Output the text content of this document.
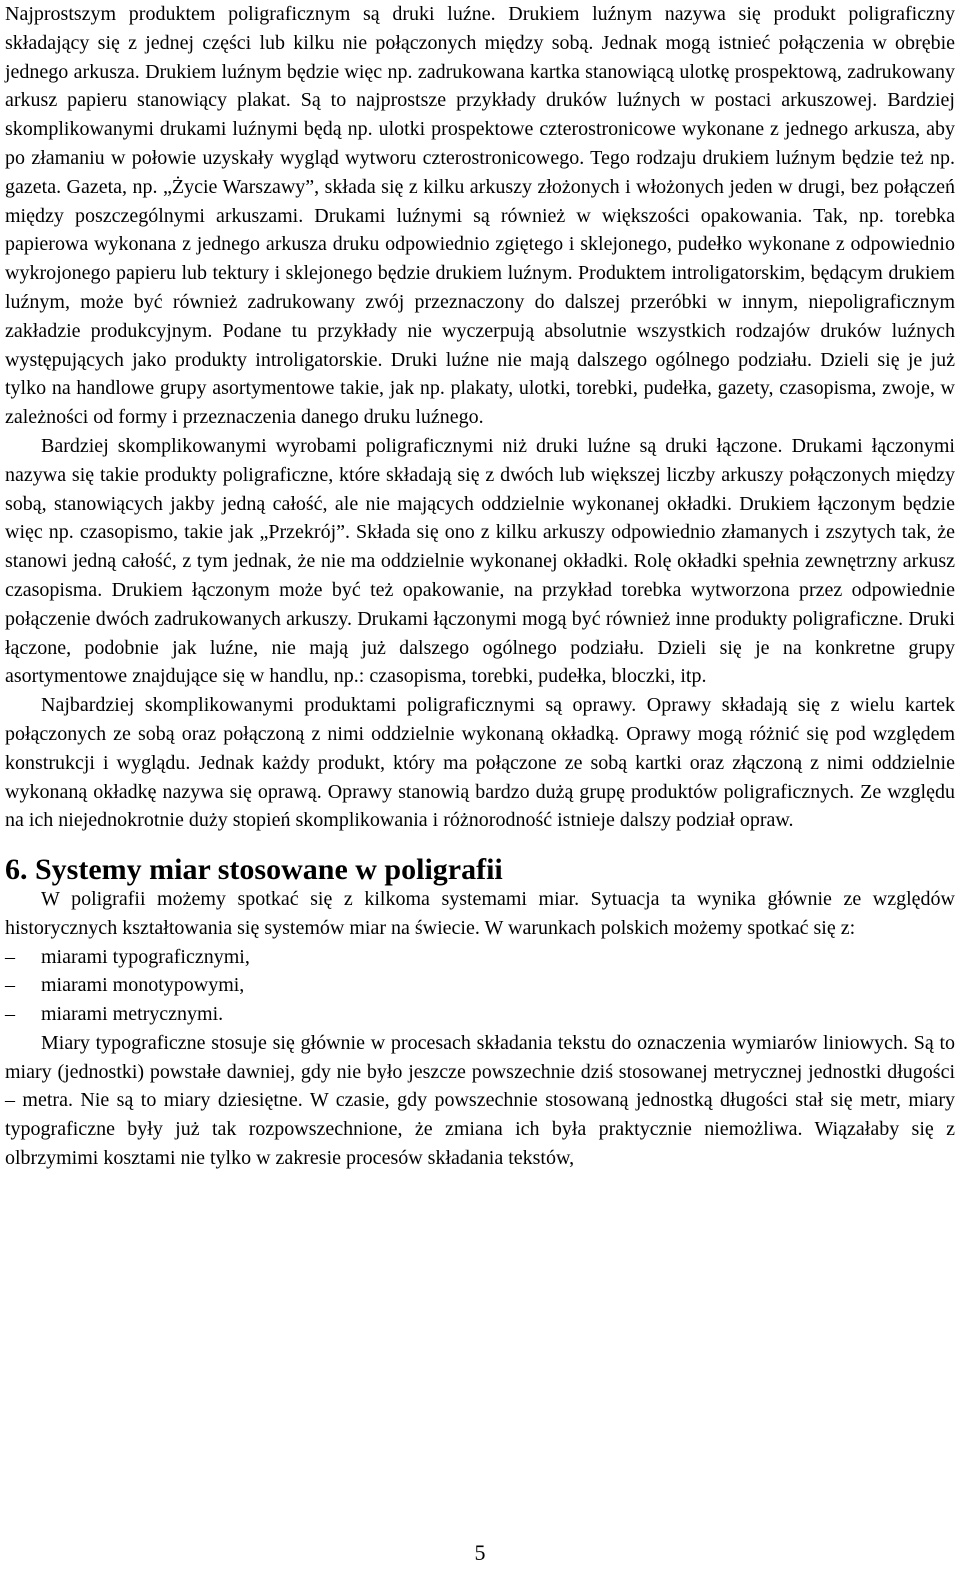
Najprostszym produktem poligraficznym są druki luźne. Drukiem luźnym nazywa się produkt poligraficzny składający się z jednej części lub kilku nie połączonych między sobą. Jednak mogą istnieć połączenia w obrębie jednego arkusza. Drukiem luźnym będzie więc np. zadrukowana kartka stanowiącą ulotkę prospektową, zadrukowany arkusz papieru stanowiący plakat. Są to najprostsze przykłady druków luźnych w postaci arkuszowej. Bardziej skomplikowanymi drukami luźnymi będą np. ulotki prospektowe czterostronicowe wykonane z jednego arkusza, aby po złamaniu w połowie uzyskały wygląd wytworu czterostronicowego. Tego rodzaju drukiem luźnym będzie też np. gazeta. Gazeta, np. „Życie Warszawy”, składa się z kilku arkuszy złożonych i włożonych jeden w drugi, bez połączeń między poszczególnymi arkuszami. Drukami luźnymi są również w większości opakowania. Tak, np. torebka papierowa wykonana z jednego arkusza druku odpowiednio zgiętego i sklejonego, pudełko wykonane z odpowiednio wykrojonego papieru lub tektury i sklejonego będzie drukiem luźnym. Produktem introligatorskim, będącym drukiem luźnym, może być również zadrukowany zwój przeznaczony do dalszej przeróbki w innym, niepoligraficznym zakładzie produkcyjnym. Podane tu przykłady nie wyczerpują absolutnie wszystkich rodzajów druków luźnych występujących jako produkty introligatorskie. Druki luźne nie mają dalszego ogólnego podziału. Dzieli się je już tylko na handlowe grupy asortymentowe takie, jak np. plakaty, ulotki, torebki, pudełka, gazety, czasopisma, zwoje, w zależności od formy i przeznaczenia danego druku luźnego.

Bardziej skomplikowanymi wyrobami poligraficznymi niż druki luźne są druki łączone. Drukami łączonymi nazywa się takie produkty poligraficzne, które składają się z dwóch lub większej liczby arkuszy połączonych między sobą, stanowiących jakby jedną całość, ale nie mających oddzielnie wykonanej okładki. Drukiem łączonym będzie więc np. czasopismo, takie jak „Przekrój”. Składa się ono z kilku arkuszy odpowiednio złamanych i zszytych tak, że stanowi jedną całość, z tym jednak, że nie ma oddzielnie wykonanej okładki. Rolę okładki spełnia zewnętrzny arkusz czasopisma. Drukiem łączonym może być też opakowanie, na przykład torebka wytworzona przez odpowiednie połączenie dwóch zadrukowanych arkuszy. Drukami łączonymi mogą być również inne produkty poligraficzne. Druki łączone, podobnie jak luźne, nie mają już dalszego ogólnego podziału. Dzieli się je na konkretne grupy asortymentowe znajdujące się w handlu, np.: czasopisma, torebki, pudełka, bloczki, itp.

Najbardziej skomplikowanymi produktami poligraficznymi są oprawy. Oprawy składają się z wielu kartek połączonych ze sobą oraz połączoną z nimi oddzielnie wykonaną okładką. Oprawy mogą różnić się pod względem konstrukcji i wyglądu. Jednak każdy produkt, który ma połączone ze sobą kartki oraz złączoną z nimi oddzielnie wykonaną okładkę nazywa się oprawą. Oprawy stanowią bardzo dużą grupę produktów poligraficznych. Ze względu na ich niejednokrotnie duży stopień skomplikowania i różnorodność istnieje dalszy podział opraw.

6. Systemy miar stosowane w poligrafii

W poligrafii możemy spotkać się z kilkoma systemami miar. Sytuacja ta wynika głównie ze względów historycznych kształtowania się systemów miar na świecie. W warunkach polskich możemy spotkać się z:

–	miarami typograficznymi,
–	miarami monotypowymi,
–	miarami metrycznymi.

Miary typograficzne stosuje się głównie w procesach składania tekstu do oznaczenia wymiarów liniowych. Są to miary (jednostki) powstałe dawniej, gdy nie było jeszcze powszechnie dziś stosowanej metrycznej jednostki długości – metra. Nie są to miary dziesiętne. W czasie, gdy powszechnie stosowaną jednostką długości stał się metr, miary typograficzne były już tak rozpowszechnione, że zmiana ich była praktycznie niemożliwa. Wiązałaby się z olbrzymimi kosztami nie tylko w zakresie procesów składania tekstów,

5
